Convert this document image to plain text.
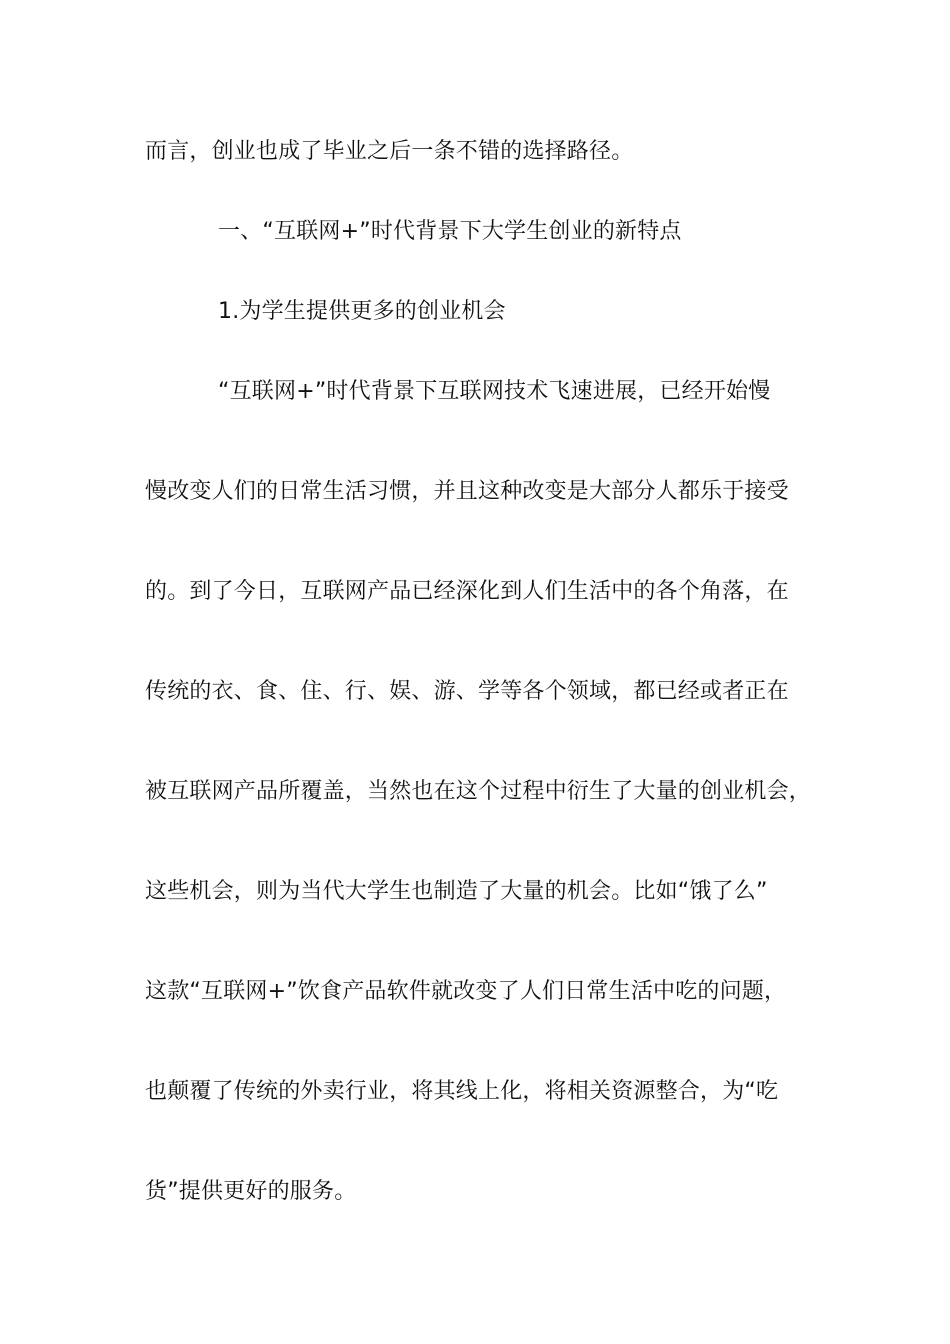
而言，创业也成了毕业之后一条不错的选择路径。
一、“互联网+”时代背景下大学生创业的新特点
1.为学生提供更多的创业机会
“互联网+”时代背景下互联网技术飞速进展，已经开始慢
慢改变人们的日常生活习惯，并且这种改变是大部分人都乐于接受
的。到了今日，互联网产品已经深化到人们生活中的各个角落，在
传统的衣、食、住、行、娱、游、学等各个领域，都已经或者正在
被互联网产品所覆盖，当然也在这个过程中衍生了大量的创业机会，
这些机会，则为当代大学生也制造了大量的机会。比如“饿了么”
这款“互联网+”饮食产品软件就改变了人们日常生活中吃的问题，
也颠覆了传统的外卖行业，将其线上化，将相关资源整合，为“吃
货”提供更好的服务。
